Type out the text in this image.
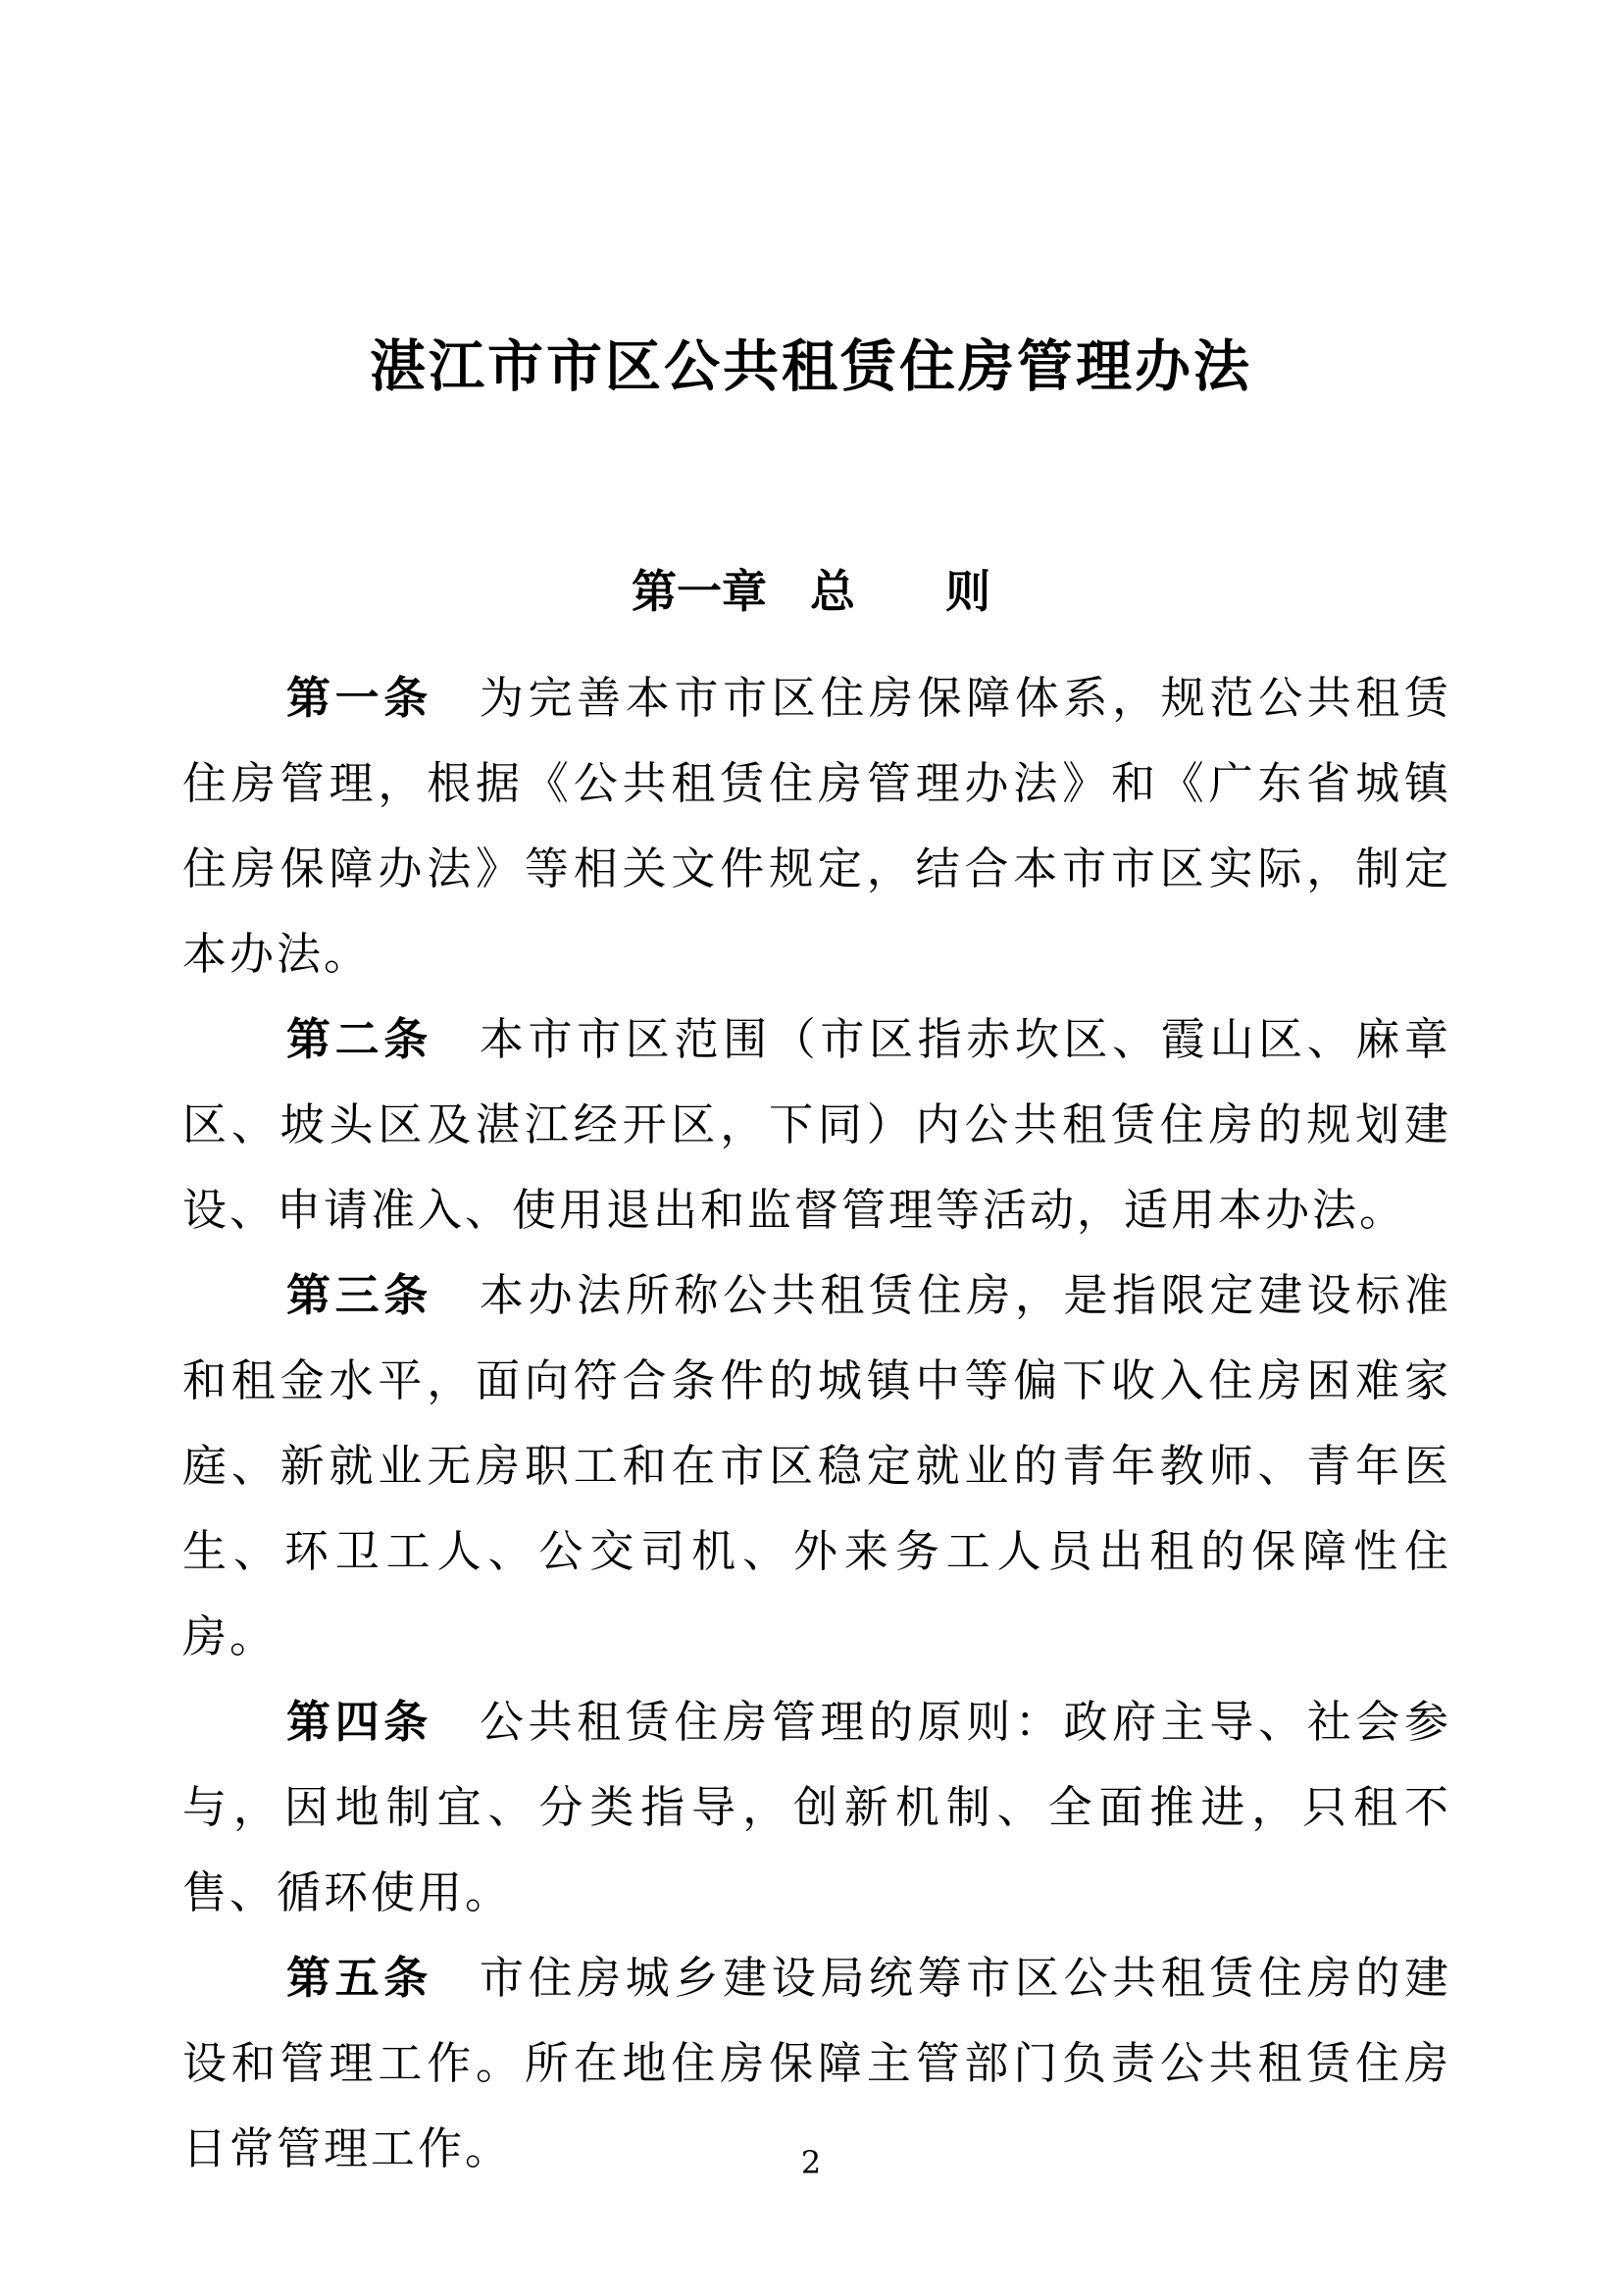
湛江市市区公共租赁住房管理办法
第一章 总　　则

第一条 为完善本市市区住房保障体系，规范公共租赁住房管理，根据《公共租赁住房管理办法》和《广东省城镇住房保障办法》等相关文件规定，结合本市市区实际，制定本办法。

第二条 本市市区范围（市区指赤坎区、霞山区、麻章区、坡头区及湛江经开区，下同）内公共租赁住房的规划建设、申请准入、使用退出和监督管理等活动，适用本办法。

第三条 本办法所称公共租赁住房，是指限定建设标准和租金水平，面向符合条件的城镇中等偏下收入住房困难家庭、新就业无房职工和在市区稳定就业的青年教师、青年医生、环卫工人、公交司机、外来务工人员出租的保障性住房。

第四条 公共租赁住房管理的原则：政府主导、社会参与，因地制宜、分类指导，创新机制、全面推进，只租不售、循环使用。

第五条 市住房城乡建设局统筹市区公共租赁住房的建设和管理工作。所在地住房保障主管部门负责公共租赁住房日常管理工作。	2
